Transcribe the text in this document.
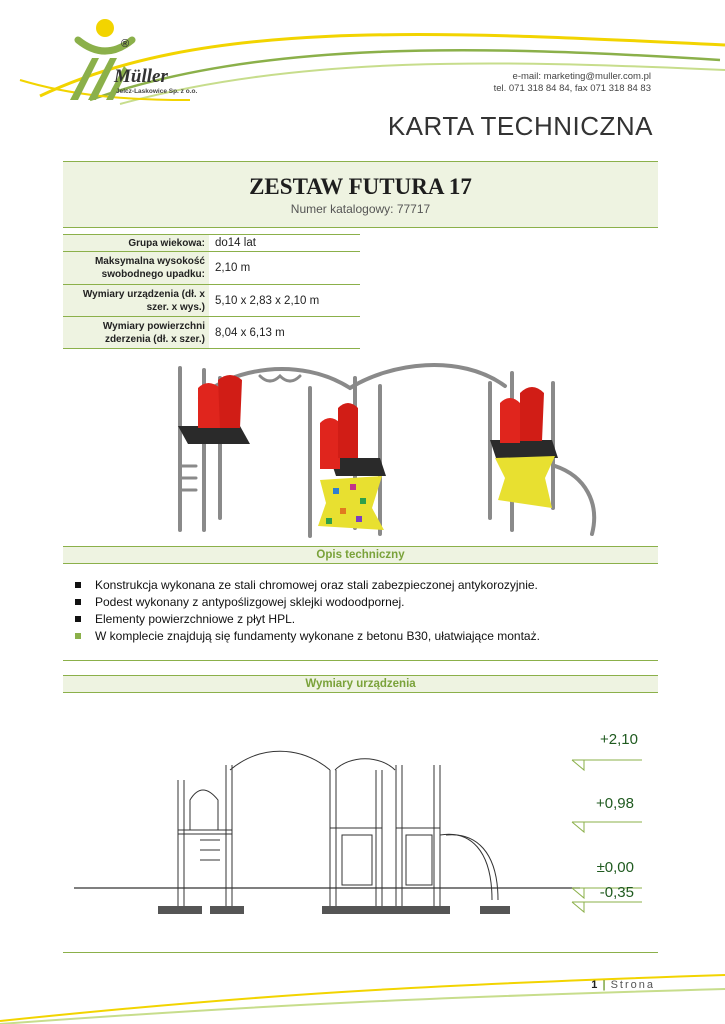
®
Müller
Jelcz-Laskowice Sp. z o.o.
e-mail: marketing@muller.com.pl
tel. 071 318 84 84, fax 071 318 84 83
KARTA TECHNICZNA
ZESTAW FUTURA 17
Numer katalogowy: 77717
Grupa wiekowa:	do14 lat
Maksymalna wysokość swobodnego upadku:	2,10 m
Wymiary urządzenia (dł. x szer. x wys.)	5,10 x 2,83 x 2,10 m
Wymiary powierzchni zderzenia (dł. x szer.)	8,04 x 6,13 m
Opis techniczny
Konstrukcja wykonana ze stali chromowej oraz stali zabezpieczonej antykorozyjnie.
Podest wykonany z antypoślizgowej sklejki wodoodpornej.
Elementy powierzchniowe z płyt HPL.
W komplecie znajdują się fundamenty wykonane z betonu B30, ułatwiające montaż.
Wymiary urządzenia
+2,10
+0,98
±0,00
-0,35
1 | Strona
